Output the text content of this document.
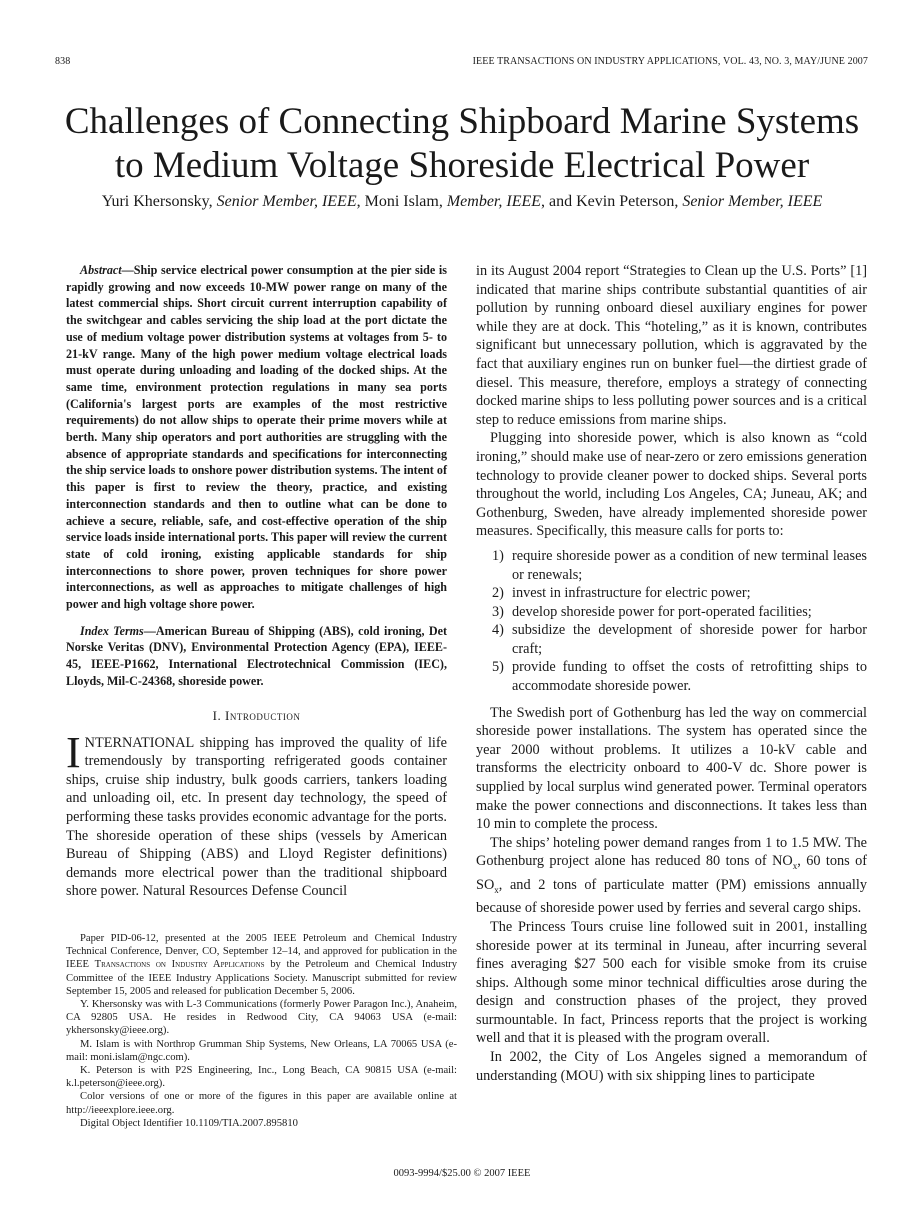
838	IEEE TRANSACTIONS ON INDUSTRY APPLICATIONS, VOL. 43, NO. 3, MAY/JUNE 2007
Challenges of Connecting Shipboard Marine Systems
to Medium Voltage Shoreside Electrical Power
Yuri Khersonsky, Senior Member, IEEE, Moni Islam, Member, IEEE, and Kevin Peterson, Senior Member, IEEE

Abstract—Ship service electrical power consumption at the pier side is rapidly growing and now exceeds 10-MW power range on many of the latest commercial ships. Short circuit current interruption capability of the switchgear and cables servicing the ship load at the port dictate the use of medium voltage power distribution systems at voltages from 5- to 21-kV range. Many of the high power medium voltage electrical loads must operate during unloading and loading of the docked ships. At the same time, environment protection regulations in many sea ports (California's largest ports are examples of the most restrictive requirements) do not allow ships to operate their prime movers while at berth. Many ship operators and port authorities are struggling with the absence of appropriate standards and specifications for interconnecting the ship service loads to onshore power distribution systems. The intent of this paper is first to review the theory, practice, and existing interconnection standards and then to outline what can be done to achieve a secure, reliable, safe, and cost-effective operation of the ship service loads inside international ports. This paper will review the current state of cold ironing, existing applicable standards for ship interconnections to shore power, proven techniques for shore power interconnections, as well as approaches to mitigate challenges of high power and high voltage shore power.

Index Terms—American Bureau of Shipping (ABS), cold ironing, Det Norske Veritas (DNV), Environmental Protection Agency (EPA), IEEE-45, IEEE-P1662, International Electrotechnical Commission (IEC), Lloyds, Mil-C-24368, shoreside power.

I. Introduction

INTERNATIONAL shipping has improved the quality of life tremendously by transporting refrigerated goods container ships, cruise ship industry, bulk goods carriers, tankers loading and unloading oil, etc. In present day technology, the speed of performing these tasks provides economic advantage for the ports. The shoreside operation of these ships (vessels by American Bureau of Shipping (ABS) and Lloyd Register definitions) demands more electrical power than the traditional shipboard shore power. Natural Resources Defense Council

Paper PID-06-12, presented at the 2005 IEEE Petroleum and Chemical Industry Technical Conference, Denver, CO, September 12–14, and approved for publication in the IEEE Transactions on Industry Applications by the Petroleum and Chemical Industry Committee of the IEEE Industry Applications Society. Manuscript submitted for review September 15, 2005 and released for publication December 5, 2006.

Y. Khersonsky was with L-3 Communications (formerly Power Paragon Inc.), Anaheim, CA 92805 USA. He resides in Redwood City, CA 94063 USA (e-mail: ykhersonsky@ieee.org).

M. Islam is with Northrop Grumman Ship Systems, New Orleans, LA 70065 USA (e-mail: moni.islam@ngc.com).

K. Peterson is with P2S Engineering, Inc., Long Beach, CA 90815 USA (e-mail: k.l.peterson@ieee.org).

Color versions of one or more of the figures in this paper are available online at http://ieeexplore.ieee.org.

Digital Object Identifier 10.1109/TIA.2007.895810

in its August 2004 report “Strategies to Clean up the U.S. Ports” [1] indicated that marine ships contribute substantial quantities of air pollution by running onboard diesel auxiliary engines for power while they are at dock. This “hoteling,” as it is known, contributes significant but unnecessary pollution, which is aggravated by the fact that auxiliary engines run on bunker fuel—the dirtiest grade of diesel. This measure, therefore, employs a strategy of connecting docked marine ships to less polluting power sources and is a critical step to reduce emissions from marine ships.

Plugging into shoreside power, which is also known as “cold ironing,” should make use of near-zero or zero emissions generation technology to provide cleaner power to docked ships. Several ports throughout the world, including Los Angeles, CA; Juneau, AK; and Gothenburg, Sweden, have already implemented shoreside power measures. Specifically, this measure calls for ports to:

1) require shoreside power as a condition of new terminal leases or renewals;
2) invest in infrastructure for electric power;
3) develop shoreside power for port-operated facilities;
4) subsidize the development of shoreside power for harbor craft;
5) provide funding to offset the costs of retrofitting ships to accommodate shoreside power.

The Swedish port of Gothenburg has led the way on commercial shoreside power installations. The system has operated since the year 2000 without problems. It utilizes a 10-kV cable and transforms the electricity onboard to 400-V dc. Shore power is supplied by local surplus wind generated power. Terminal operators make the power connections and disconnections. It takes less than 10 min to complete the process.

The ships’ hoteling power demand ranges from 1 to 1.5 MW. The Gothenburg project alone has reduced 80 tons of $NO_x$, 60 tons of $SO_x$, and 2 tons of particulate matter (PM) emissions annually because of shoreside power used by ferries and several cargo ships.

The Princess Tours cruise line followed suit in 2001, installing shoreside power at its terminal in Juneau, after incurring several fines averaging $27 500 each for visible smoke from its cruise ships. Although some minor technical difficulties arose during the design and construction phases of the project, they proved surmountable. In fact, Princess reports that the project is working well and that it is pleased with the program overall.

In 2002, the City of Los Angeles signed a memorandum of understanding (MOU) with six shipping lines to participate

0093-9994/$25.00 © 2007 IEEE
